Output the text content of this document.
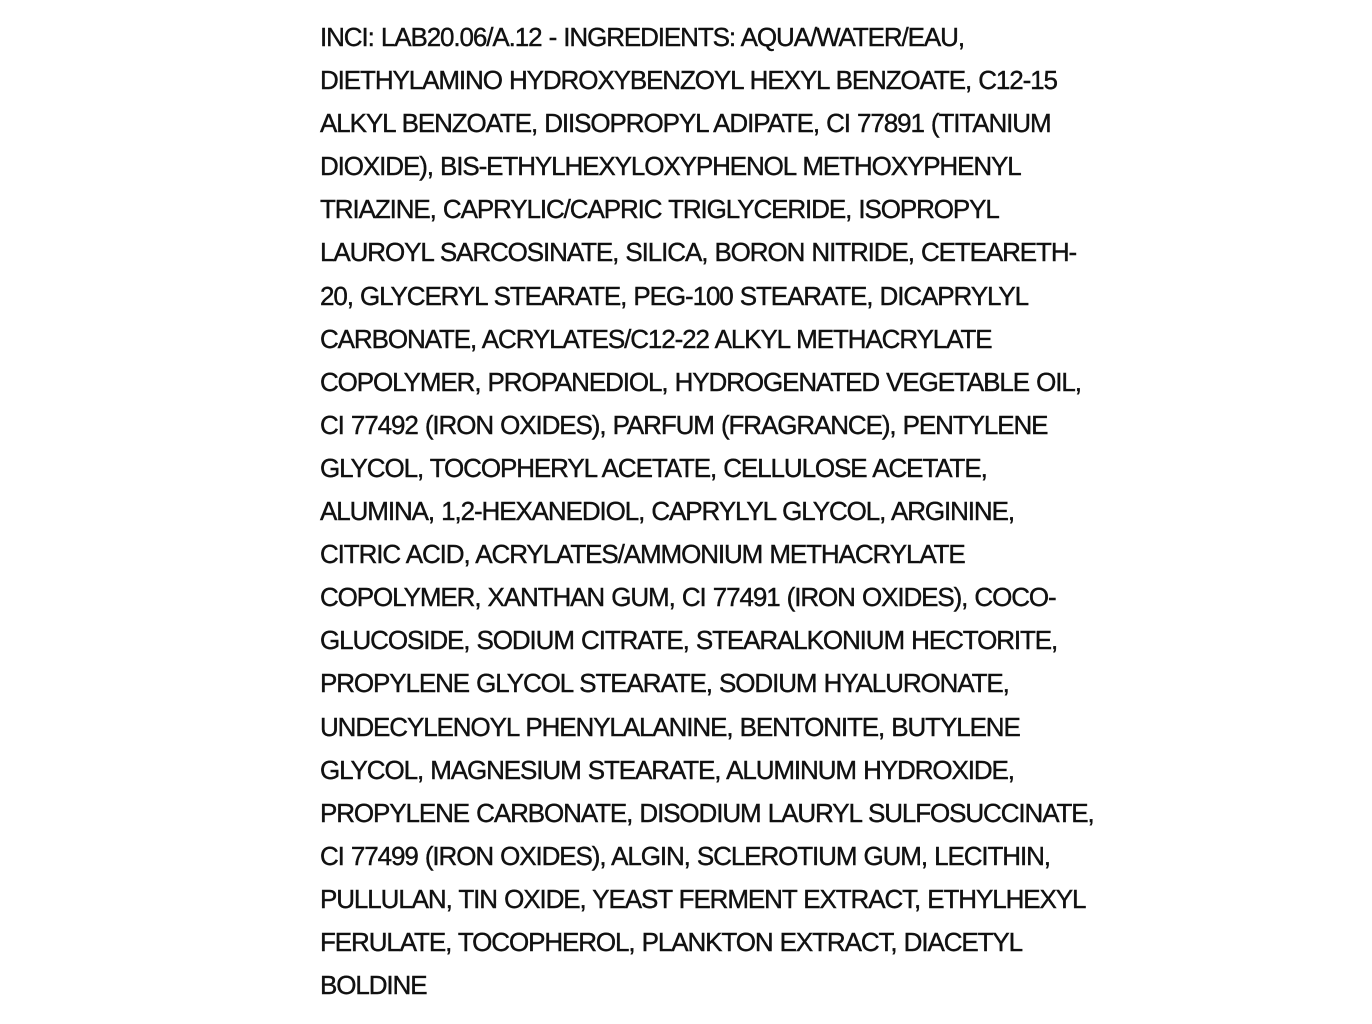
INCI: LAB20.06/A.12 - INGREDIENTS: AQUA/WATER/EAU,
DIETHYLAMINO HYDROXYBENZOYL HEXYL BENZOATE, C12-15
ALKYL BENZOATE, DIISOPROPYL ADIPATE, CI 77891 (TITANIUM
DIOXIDE), BIS-ETHYLHEXYLOXYPHENOL METHOXYPHENYL
TRIAZINE, CAPRYLIC/CAPRIC TRIGLYCERIDE, ISOPROPYL
LAUROYL SARCOSINATE, SILICA, BORON NITRIDE, CETEARETH-
20, GLYCERYL STEARATE, PEG-100 STEARATE, DICAPRYLYL
CARBONATE, ACRYLATES/C12-22 ALKYL METHACRYLATE
COPOLYMER, PROPANEDIOL, HYDROGENATED VEGETABLE OIL,
CI 77492 (IRON OXIDES), PARFUM (FRAGRANCE), PENTYLENE
GLYCOL, TOCOPHERYL ACETATE, CELLULOSE ACETATE,
ALUMINA, 1,2-HEXANEDIOL, CAPRYLYL GLYCOL, ARGININE,
CITRIC ACID, ACRYLATES/AMMONIUM METHACRYLATE
COPOLYMER, XANTHAN GUM, CI 77491 (IRON OXIDES), COCO-
GLUCOSIDE, SODIUM CITRATE, STEARALKONIUM HECTORITE,
PROPYLENE GLYCOL STEARATE, SODIUM HYALURONATE,
UNDECYLENOYL PHENYLALANINE, BENTONITE, BUTYLENE
GLYCOL, MAGNESIUM STEARATE, ALUMINUM HYDROXIDE,
PROPYLENE CARBONATE, DISODIUM LAURYL SULFOSUCCINATE,
CI 77499 (IRON OXIDES), ALGIN, SCLEROTIUM GUM, LECITHIN,
PULLULAN, TIN OXIDE, YEAST FERMENT EXTRACT, ETHYLHEXYL
FERULATE, TOCOPHEROL, PLANKTON EXTRACT, DIACETYL
BOLDINE
